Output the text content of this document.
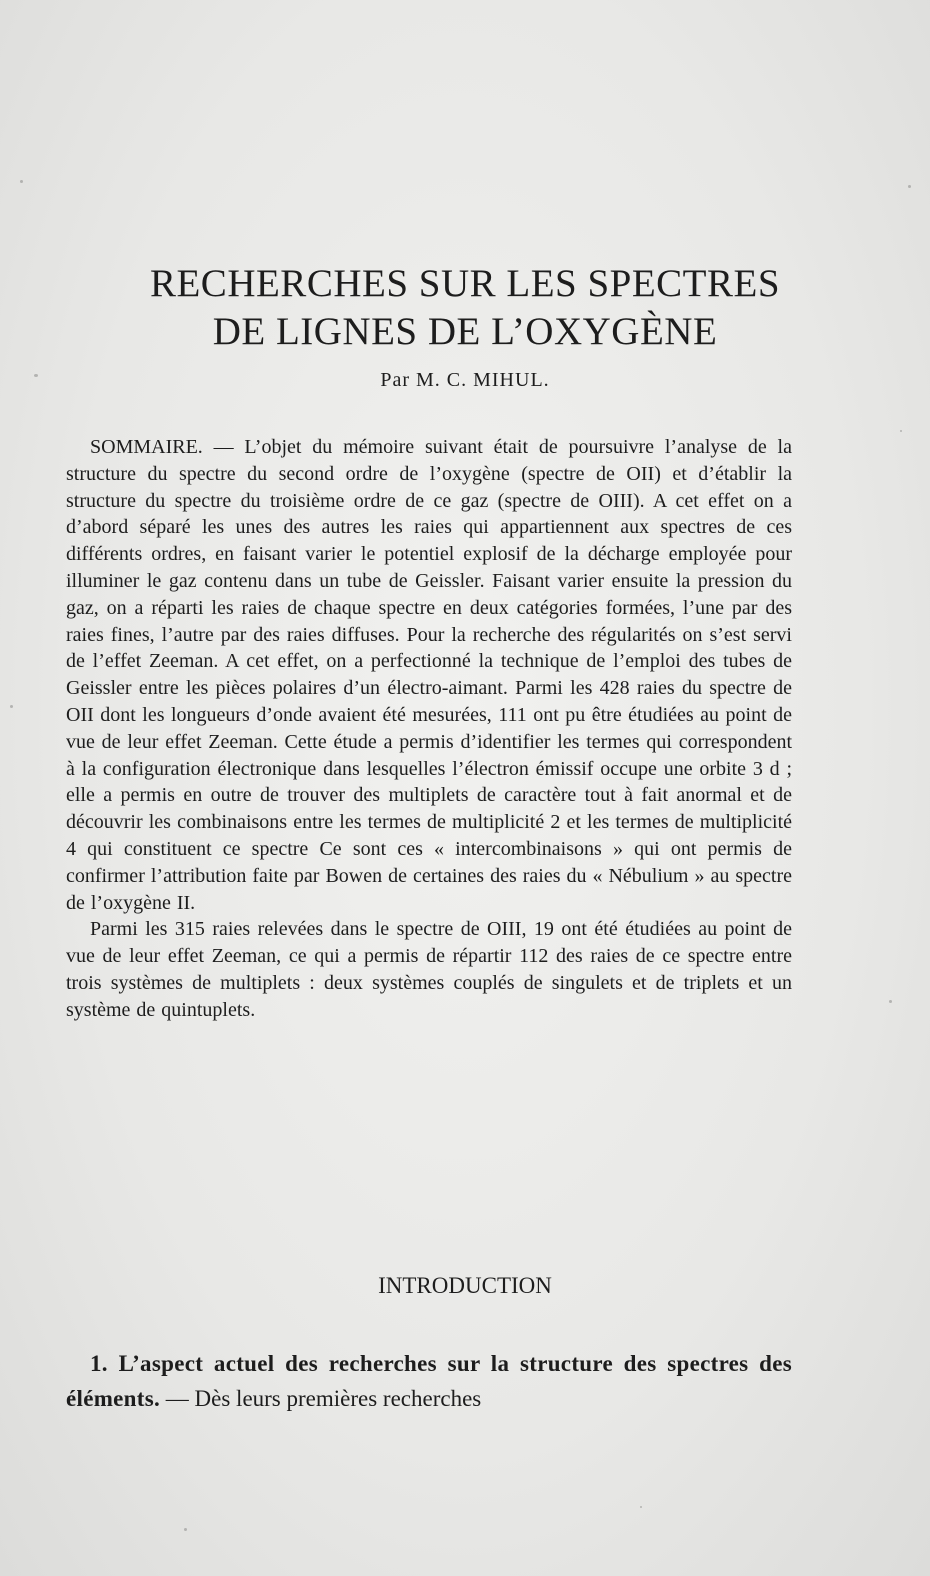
RECHERCHES SUR LES SPECTRES
DE LIGNES DE L’OXYGÈNE
Par M. C. MIHUL.

SOMMAIRE. — L’objet du mémoire suivant était de poursuivre l’analyse de la structure du spectre du second ordre de l’oxygène (spectre de OII) et d’établir la structure du spectre du troisième ordre de ce gaz (spectre de OIII). A cet effet on a d’abord séparé les unes des autres les raies qui appartiennent aux spectres de ces différents ordres, en faisant varier le potentiel explosif de la décharge employée pour illuminer le gaz contenu dans un tube de Geissler. Faisant varier ensuite la pression du gaz, on a réparti les raies de chaque spectre en deux catégories formées, l’une par des raies fines, l’autre par des raies diffuses. Pour la recherche des régularités on s’est servi de l’effet Zeeman. A cet effet, on a perfectionné la technique de l’emploi des tubes de Geissler entre les pièces polaires d’un électro-aimant. Parmi les 428 raies du spectre de OII dont les longueurs d’onde avaient été mesurées, 111 ont pu être étudiées au point de vue de leur effet Zeeman. Cette étude a permis d’identifier les termes qui correspondent à la configuration électronique dans lesquelles l’électron émissif occupe une orbite 3 d ; elle a permis en outre de trouver des multiplets de caractère tout à fait anormal et de découvrir les combinaisons entre les termes de multiplicité 2 et les termes de multiplicité 4 qui constituent ce spectre Ce sont ces « intercombinaisons » qui ont permis de confirmer l’attribution faite par Bowen de certaines des raies du « Nébulium » au spectre de l’oxygène II.

Parmi les 315 raies relevées dans le spectre de OIII, 19 ont été étudiées au point de vue de leur effet Zeeman, ce qui a permis de répartir 112 des raies de ce spectre entre trois systèmes de multiplets : deux systèmes couplés de singulets et de triplets et un système de quintuplets.

INTRODUCTION
1. L’aspect actuel des recherches sur la structure des spectres des éléments. — Dès leurs premières recherches
